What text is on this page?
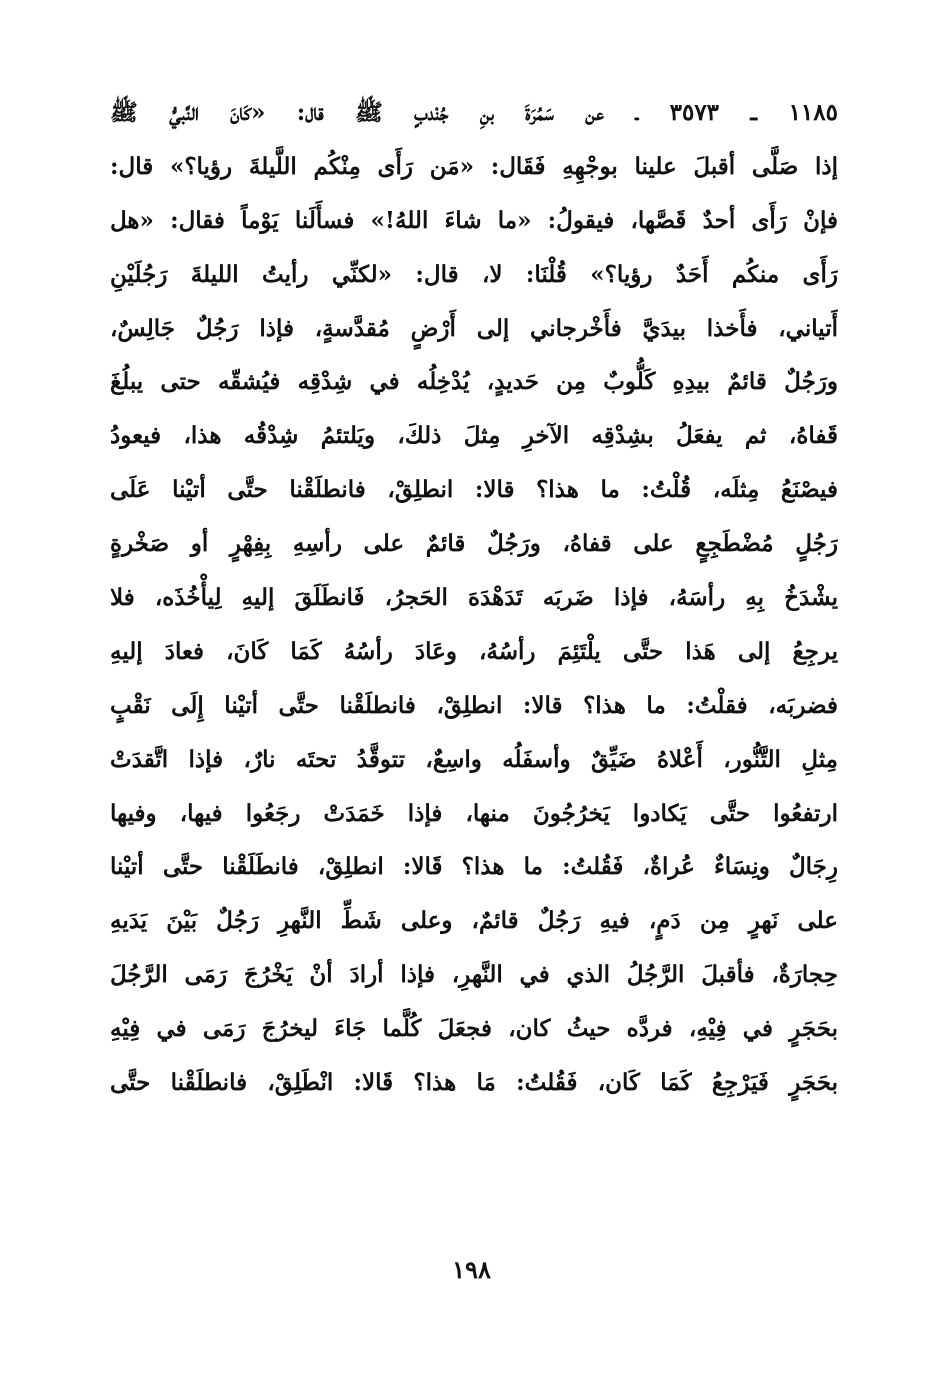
١١٨٥ ـ ٣٥٧٣ ـ عن سَمُرَةَ بنِ جُنْدبٍ ﷺ قال: «كَانَ النَّبيُّ ﷺ
إذا صَلَّى أقبلَ علينا بوجْهِهِ فَقَال: «مَن رَأَى مِنْكُم اللَّيلةَ رؤيا؟» قال:
فإنْ رَأَى أحدٌ قَصَّها، فيقولُ: «ما شاءَ اللهُ!» فسأَلَنا يَوْماً فقال: «هل
رَأَى منكُم أَحَدٌ رؤيا؟» قُلْنَا: لا، قال: «لكنِّي رأيتُ الليلةَ رَجُلَيْنِ
أَتياني، فأَخذا بيدَيَّ فأَخْرجاني إلى أَرْضٍ مُقدَّسةٍ، فإذا رَجُلٌ جَالِسٌ،
ورَجُلٌ قائمٌ بيدِهِ كَلُّوبٌ مِن حَديدٍ، يُدْخِلُه في شِدْقِه فيُشقّه حتى يبلُغَ
قَفاهُ، ثم يفعَلُ بشِدْقِه الآخرِ مِثلَ ذلكَ، ويَلتئمُ شِدْقُه هذا، فيعودُ
فيصْنَعُ مِثلَه، قُلْتُ: ما هذا؟ قالا: انطلِقْ، فانطلَقْنا حتَّى أتيْنا عَلَى
رَجُلٍ مُضْطَجِعٍ على قفاهُ، ورَجُلٌ قائمٌ على رأسِهِ بِفِهْرٍ أو صَخْرةٍ
يشْدَخُ بِهِ رأسَهُ، فإذا ضَربَه تَدَهْدَهَ الحَجرُ، فَانطَلَقَ إليهِ لِيأْخُذَه، فلا
يرجِعُ إلى هَذا حتَّى يلْتَئِمَ رأسُهُ، وعَادَ رأسُهُ كَمَا كَانَ، فعادَ إليهِ
فضربَه، فقلْتُ: ما هذا؟ قالا: انطلِقْ، فانطلَقْنا حتَّى أتيْنا إِلَى نَقْبٍ
مِثلِ التَّنُّور، أَعْلاهُ ضَيِّقٌ وأسفَلُه واسِعٌ، تتوقَّدُ تحتَه نارٌ، فإذا اتَّقدَتْ
ارتفعُوا حتَّى يَكادوا يَخرُجُونَ منها، فإذا خَمَدَتْ رجَعُوا فيها، وفيها
رِجَالٌ ونِسَاءٌ عُراةٌ، فَقُلتُ: ما هذا؟ قَالا: انطلِقْ، فانطَلَقْنا حتَّى أتيْنا
على نَهرٍ مِن دَمٍ، فيهِ رَجُلٌ قائمٌ، وعلى شَطِّ النَّهرِ رَجُلٌ بَيْنَ يَدَيهِ
حِجارَةٌ، فأقبلَ الرَّجُلُ الذي في النَّهرِ، فإذا أرادَ أنْ يَخْرُجَ رَمَى الرَّجُلَ
بحَجَرٍ في فِيْهِ، فردَّه حيثُ كان، فجعَلَ كُلَّما جَاءَ ليخرُجَ رَمَى في فِيْهِ
بحَجَرٍ فَيَرْجِعُ كَمَا كَان، فَقُلتُ: مَا هذا؟ قَالا: انْطَلِقْ، فانطلَقْنا حتَّى
١٩٨
